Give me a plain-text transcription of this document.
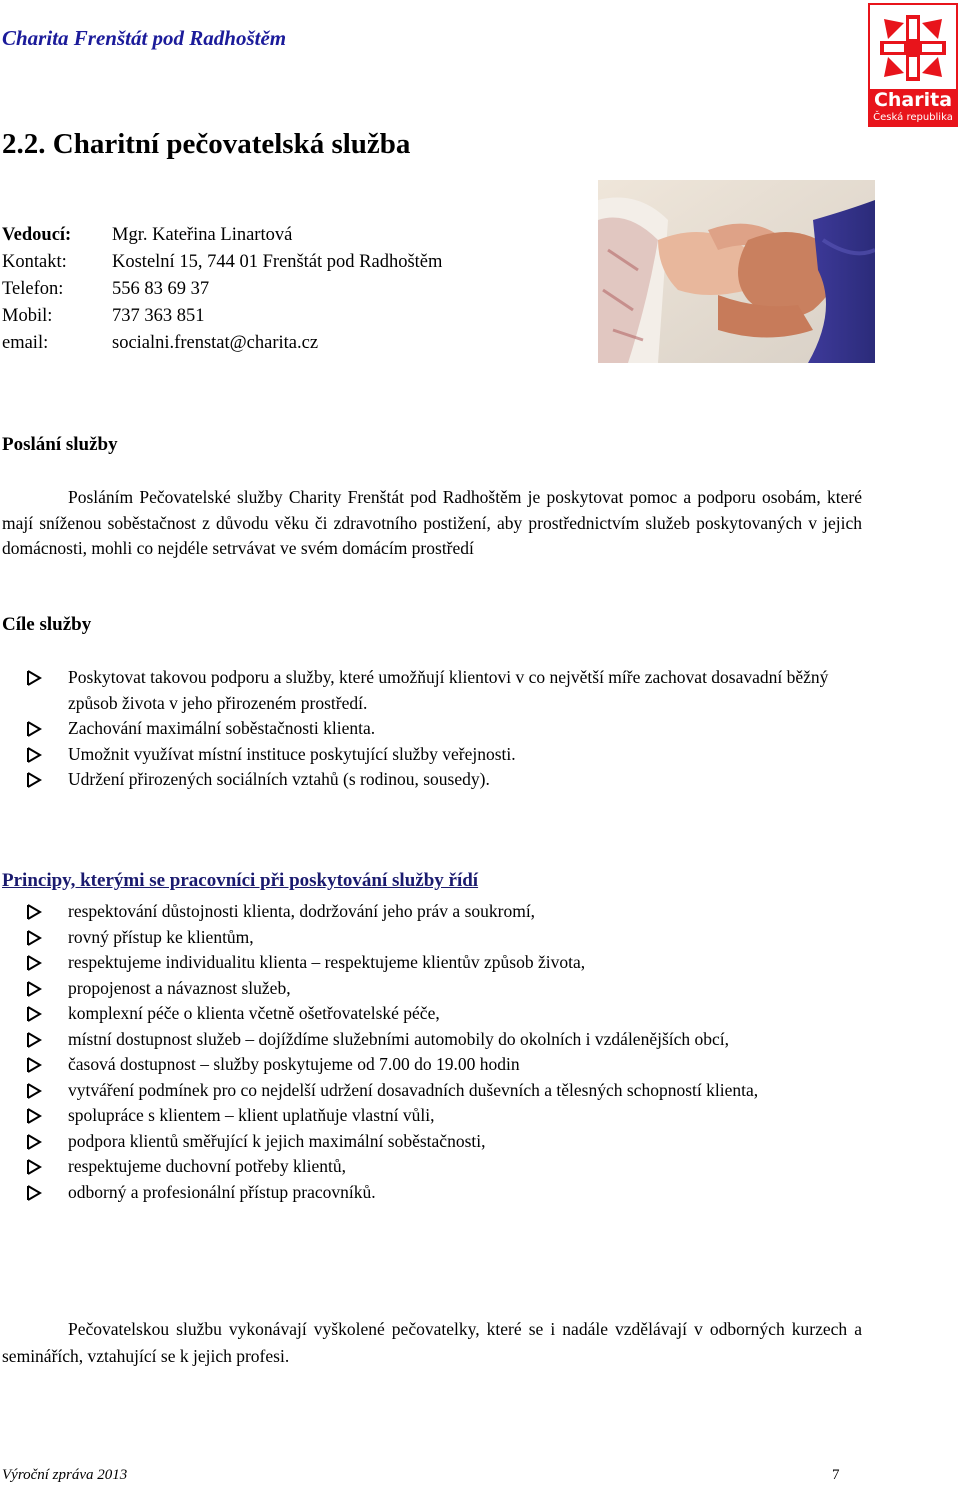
Charita Frenštát pod Radhoštěm
Charita
Česká republika
2.2. Charitní pečovatelská služba
Vedoucí:	Mgr. Kateřina Linartová
Kontakt:	Kostelní 15, 744 01 Frenštát pod Radhoštěm
Telefon:	556 83 69 37
Mobil:	737 363 851
email:	socialni.frenstat@charita.cz
Poslání služby

Posláním Pečovatelské služby Charity Frenštát pod Radhoštěm je poskytovat pomoc a podporu osobám, které mají sníženou soběstačnost z důvodu věku či zdravotního postižení, aby prostřednictvím služeb poskytovaných v jejich domácnosti, mohli co nejdéle setrvávat ve svém domácím prostředí

Cíle služby
Poskytovat takovou podporu a služby, které umožňují klientovi v co největší míře zachovat dosavadní běžný způsob života v jeho přirozeném prostředí.
Zachování maximální soběstačnosti klienta.
Umožnit využívat místní instituce poskytující služby veřejnosti.
Udržení přirozených sociálních vztahů (s rodinou, sousedy).
Principy, kterými se pracovníci při poskytování služby řídí
respektování důstojnosti klienta, dodržování jeho práv a soukromí,
rovný přístup ke klientům,
respektujeme individualitu klienta – respektujeme klientův způsob života,
propojenost a návaznost služeb,
komplexní péče o klienta včetně ošetřovatelské péče,
místní dostupnost služeb – dojíždíme služebními automobily do okolních i vzdálenějších obcí,
časová dostupnost – služby poskytujeme od 7.00 do 19.00 hodin
vytváření podmínek pro co nejdelší udržení dosavadních duševních a tělesných schopností klienta,
spolupráce s klientem – klient uplatňuje vlastní vůli,
podpora klientů směřující k jejich maximální soběstačnosti,
respektujeme duchovní potřeby klientů,
odborný a profesionální přístup pracovníků.

Pečovatelskou službu vykonávají vyškolené pečovatelky, které se i nadále vzdělávají v odborných kurzech a seminářích, vztahující se k jejich profesi.

Výroční zpráva 2013	7
